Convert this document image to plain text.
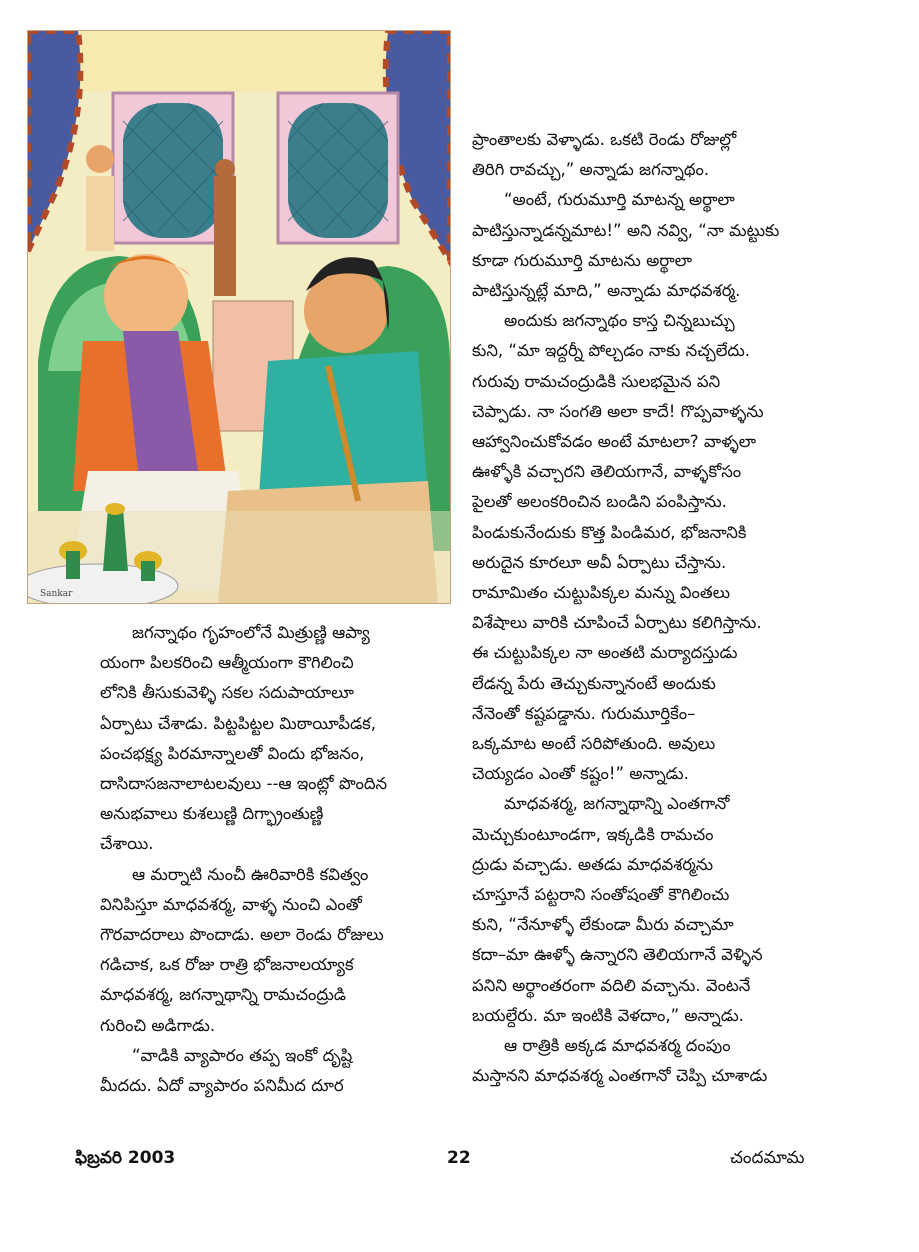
Sankar

ప్రాంతాలకు వెళ్ళాడు. ఒకటి రెండు రోజుల్లో

తిరిగి రావచ్చు,” అన్నాడు జగన్నాథం.

“అంటే, గురుమూర్తి మాటన్న అర్థాలా

పాటిస్తున్నాడన్నమాట!” అని నవ్వి, “నా మట్టుకు

కూడా గురుమూర్తి మాటను అర్థాలా

పాటిస్తున్నట్లే మాది,” అన్నాడు మాధవశర్మ.

అందుకు జగన్నాథం కాస్త చిన్నబుచ్చు

కుని, “మా ఇద్దర్నీ పోల్చడం నాకు నచ్చలేదు.

గురువు రామచంద్రుడికి సులభమైన పని

చెప్పాడు. నా సంగతి అలా కాదే! గొప్పవాళ్ళను

ఆహ్వానించుకోవడం అంటే మాటలా? వాళ్ళలా

ఊళ్ళోకి వచ్చారని తెలియగానే, వాళ్ళకోసం

పైలతో అలంకరించిన బండిని పంపిస్తాను.

పిండుకునేందుకు కొత్త పిండిమర, భోజనానికి

అరుదైన కూరలూ అవీ ఏర్పాటు చేస్తాను.

రామామితం చుట్టుపిక్కల మన్ను వింతలు

విశేషాలు వారికి చూపించే ఏర్పాటు కలిగిస్తాను.

ఈ చుట్టుపిక్కల నా అంతటి మర్యాదస్తుడు

లేడన్న పేరు తెచ్చుకున్నానంటే అందుకు

నేనెంతో కష్టపడ్డాను. గురుమూర్తికేం–

ఒక్కమాట అంటే సరిపోతుంది. అవులు

చెయ్యడం ఎంతో కష్టం!” అన్నాడు.

మాధవశర్మ, జగన్నాథాన్ని ఎంతగానో

మెచ్చుకుంటూండగా, ఇక్కడికి రామచం

ద్రుడు వచ్చాడు. అతడు మాధవశర్మను

చూస్తూనే పట్టరాని సంతోషంతో కౌగిలించు

కుని, “నేనూళ్ళో లేకుండా మీరు వచ్చామా

కదా–మా ఊళ్ళో ఉన్నారని తెలియగానే వెళ్ళిన

పనిని అర్థాంతరంగా వదిలి వచ్చాను. వెంటనే

బయల్దేరు. మా ఇంటికి వెళదాం,” అన్నాడు.

ఆ రాత్రికి అక్కడ మాధవశర్మ దంపుం

మస్తానని మాధవశర్మ ఎంతగానో చెప్పి చూశాడు

జగన్నాథం గృహంలోనే మిత్రుణ్ణి ఆప్యా

యంగా పిలకరించి ఆత్మీయంగా కౌగిలించి

లోనికి తీసుకువెళ్ళి సకల సదుపాయాలూ

ఏర్పాటు చేశాడు. పిట్టపిట్టల మిఠాయీపీడక,

పంచభక్ష్య పిరమాన్నాలతో విందు భోజనం,

దాసిదాసజనాలాటలవులు --ఆ ఇంట్లో పొందిన

అనుభవాలు కుశలుణ్ణి దిగ్భ్రాంతుణ్ణి

చేశాయి.

ఆ మర్నాటి నుంచీ ఊరివారికి కవిత్వం

వినిపిస్తూ మాధవశర్మ, వాళ్ళ నుంచి ఎంతో

గౌరవాదరాలు పొందాడు. అలా రెండు రోజులు

గడిచాక, ఒక రోజు రాత్రి భోజనాలయ్యాక

మాధవశర్మ, జగన్నాథాన్ని రామచంద్రుడి

గురించి అడిగాడు.

“వాడికి వ్యాపారం తప్ప ఇంకో దృష్టి

మీదదు. ఏదో వ్యాపారం పనిమీద దూర

ఫిబ్రవరి 2003	22	చందమామ
